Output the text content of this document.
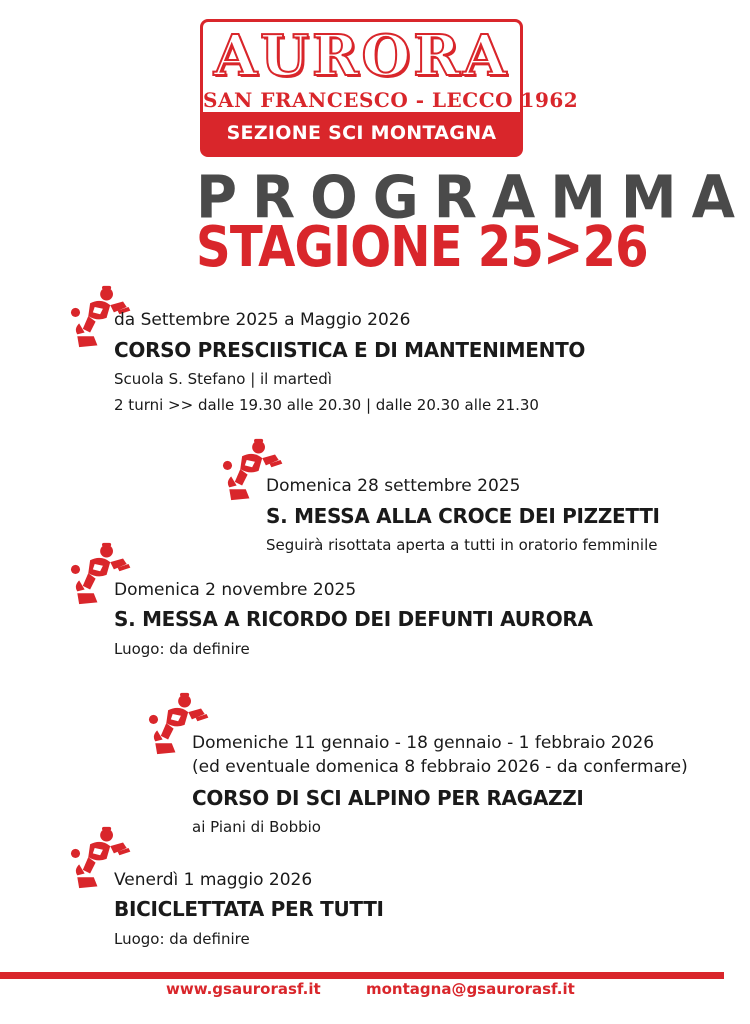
AURORA
SAN FRANCESCO - LECCO 1962
SEZIONE SCI MONTAGNA
PROGRAMMA
STAGIONE 25>26
da Settembre 2025 a Maggio 2026
CORSO PRESCIISTICA E DI MANTENIMENTO
Scuola S. Stefano | il martedì
2 turni >> dalle 19.30 alle 20.30 | dalle 20.30 alle 21.30
Domenica 28 settembre 2025
S. MESSA ALLA CROCE DEI PIZZETTI
Seguirà risottata aperta a tutti in oratorio femminile
Domenica 2 novembre 2025
S. MESSA A RICORDO DEI DEFUNTI AURORA
Luogo: da definire
Domeniche 11 gennaio - 18 gennaio - 1 febbraio 2026
(ed eventuale domenica 8 febbraio 2026 - da confermare)
CORSO DI SCI ALPINO PER RAGAZZI
ai Piani di Bobbio
Venerdì 1 maggio 2026
BICICLETTATA PER TUTTI
Luogo: da definire
www.gsaurorasf.it	montagna@gsaurorasf.it
